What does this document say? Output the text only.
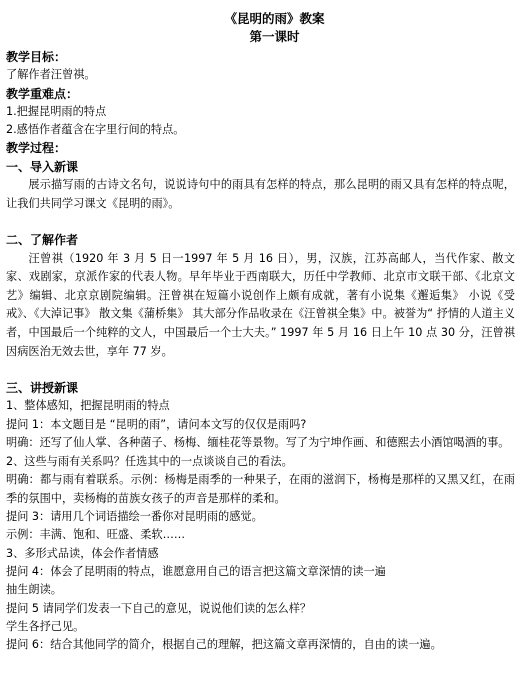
《昆明的雨》教案
第一课时
教学目标：
了解作者汪曾祺。
教学重难点：
1.把握昆明雨的特点
2.感悟作者蕴含在字里行间的特点。
教学过程：
一、导入新课
展示描写雨的古诗文名句，说说诗句中的雨具有怎样的特点，那么昆明的雨又具有怎样的特点呢，让我们共同学习课文《昆明的雨》。
二、了解作者
汪曾祺（1920 年 3 月 5 日一1997 年 5 月 16 日），男，汉族，江苏高邮人，当代作家、散文家、戏剧家，京派作家的代表人物。早年毕业于西南联大，历任中学教师、北京市文联干部、《北京文艺》编辑、北京京剧院编辑。汪曾祺在短篇小说创作上颇有成就，著有小说集《邂逅集》 小说《受戒》、《大淖记事》 散文集《蒲桥集》 其大部分作品收录在《汪曾祺全集》中。被誉为“ 抒情的人道主义者，中国最后一个纯粹的文人，中国最后一个士大夫。” 1997 年 5 月 16 日上午 10 点 30 分，汪曾祺因病医治无效去世，享年 77 岁。
三、讲授新课
1、整体感知，把握昆明雨的特点
提问 1：本文题目是 “昆明的雨”，请问本文写的仅仅是雨吗?
明确：还写了仙人掌、各种菌子、杨梅、缅桂花等景物。写了为宁坤作画、和德熙去小酒馆喝酒的事。
2、这些与雨有关系吗？任选其中的一点谈谈自己的看法。
明确：都与雨有着联系。示例：杨梅是雨季的一种果子，在雨的滋润下，杨梅是那样的又黑又红，在雨季的氛围中，卖杨梅的苗族女孩子的声音是那样的柔和。
提问 3：请用几个词语描绘一番你对昆明雨的感觉。
示例：丰满、饱和、旺盛、柔软……
3、多形式品读，体会作者情感
提问 4：体会了昆明雨的特点，谁愿意用自己的语言把这篇文章深情的读一遍
抽生朗读。
提问 5 请同学们发表一下自己的意见，说说他们读的怎么样？
学生各抒己见。
提问 6：结合其他同学的简介，根据自己的理解，把这篇文章再深情的，自由的读一遍。
